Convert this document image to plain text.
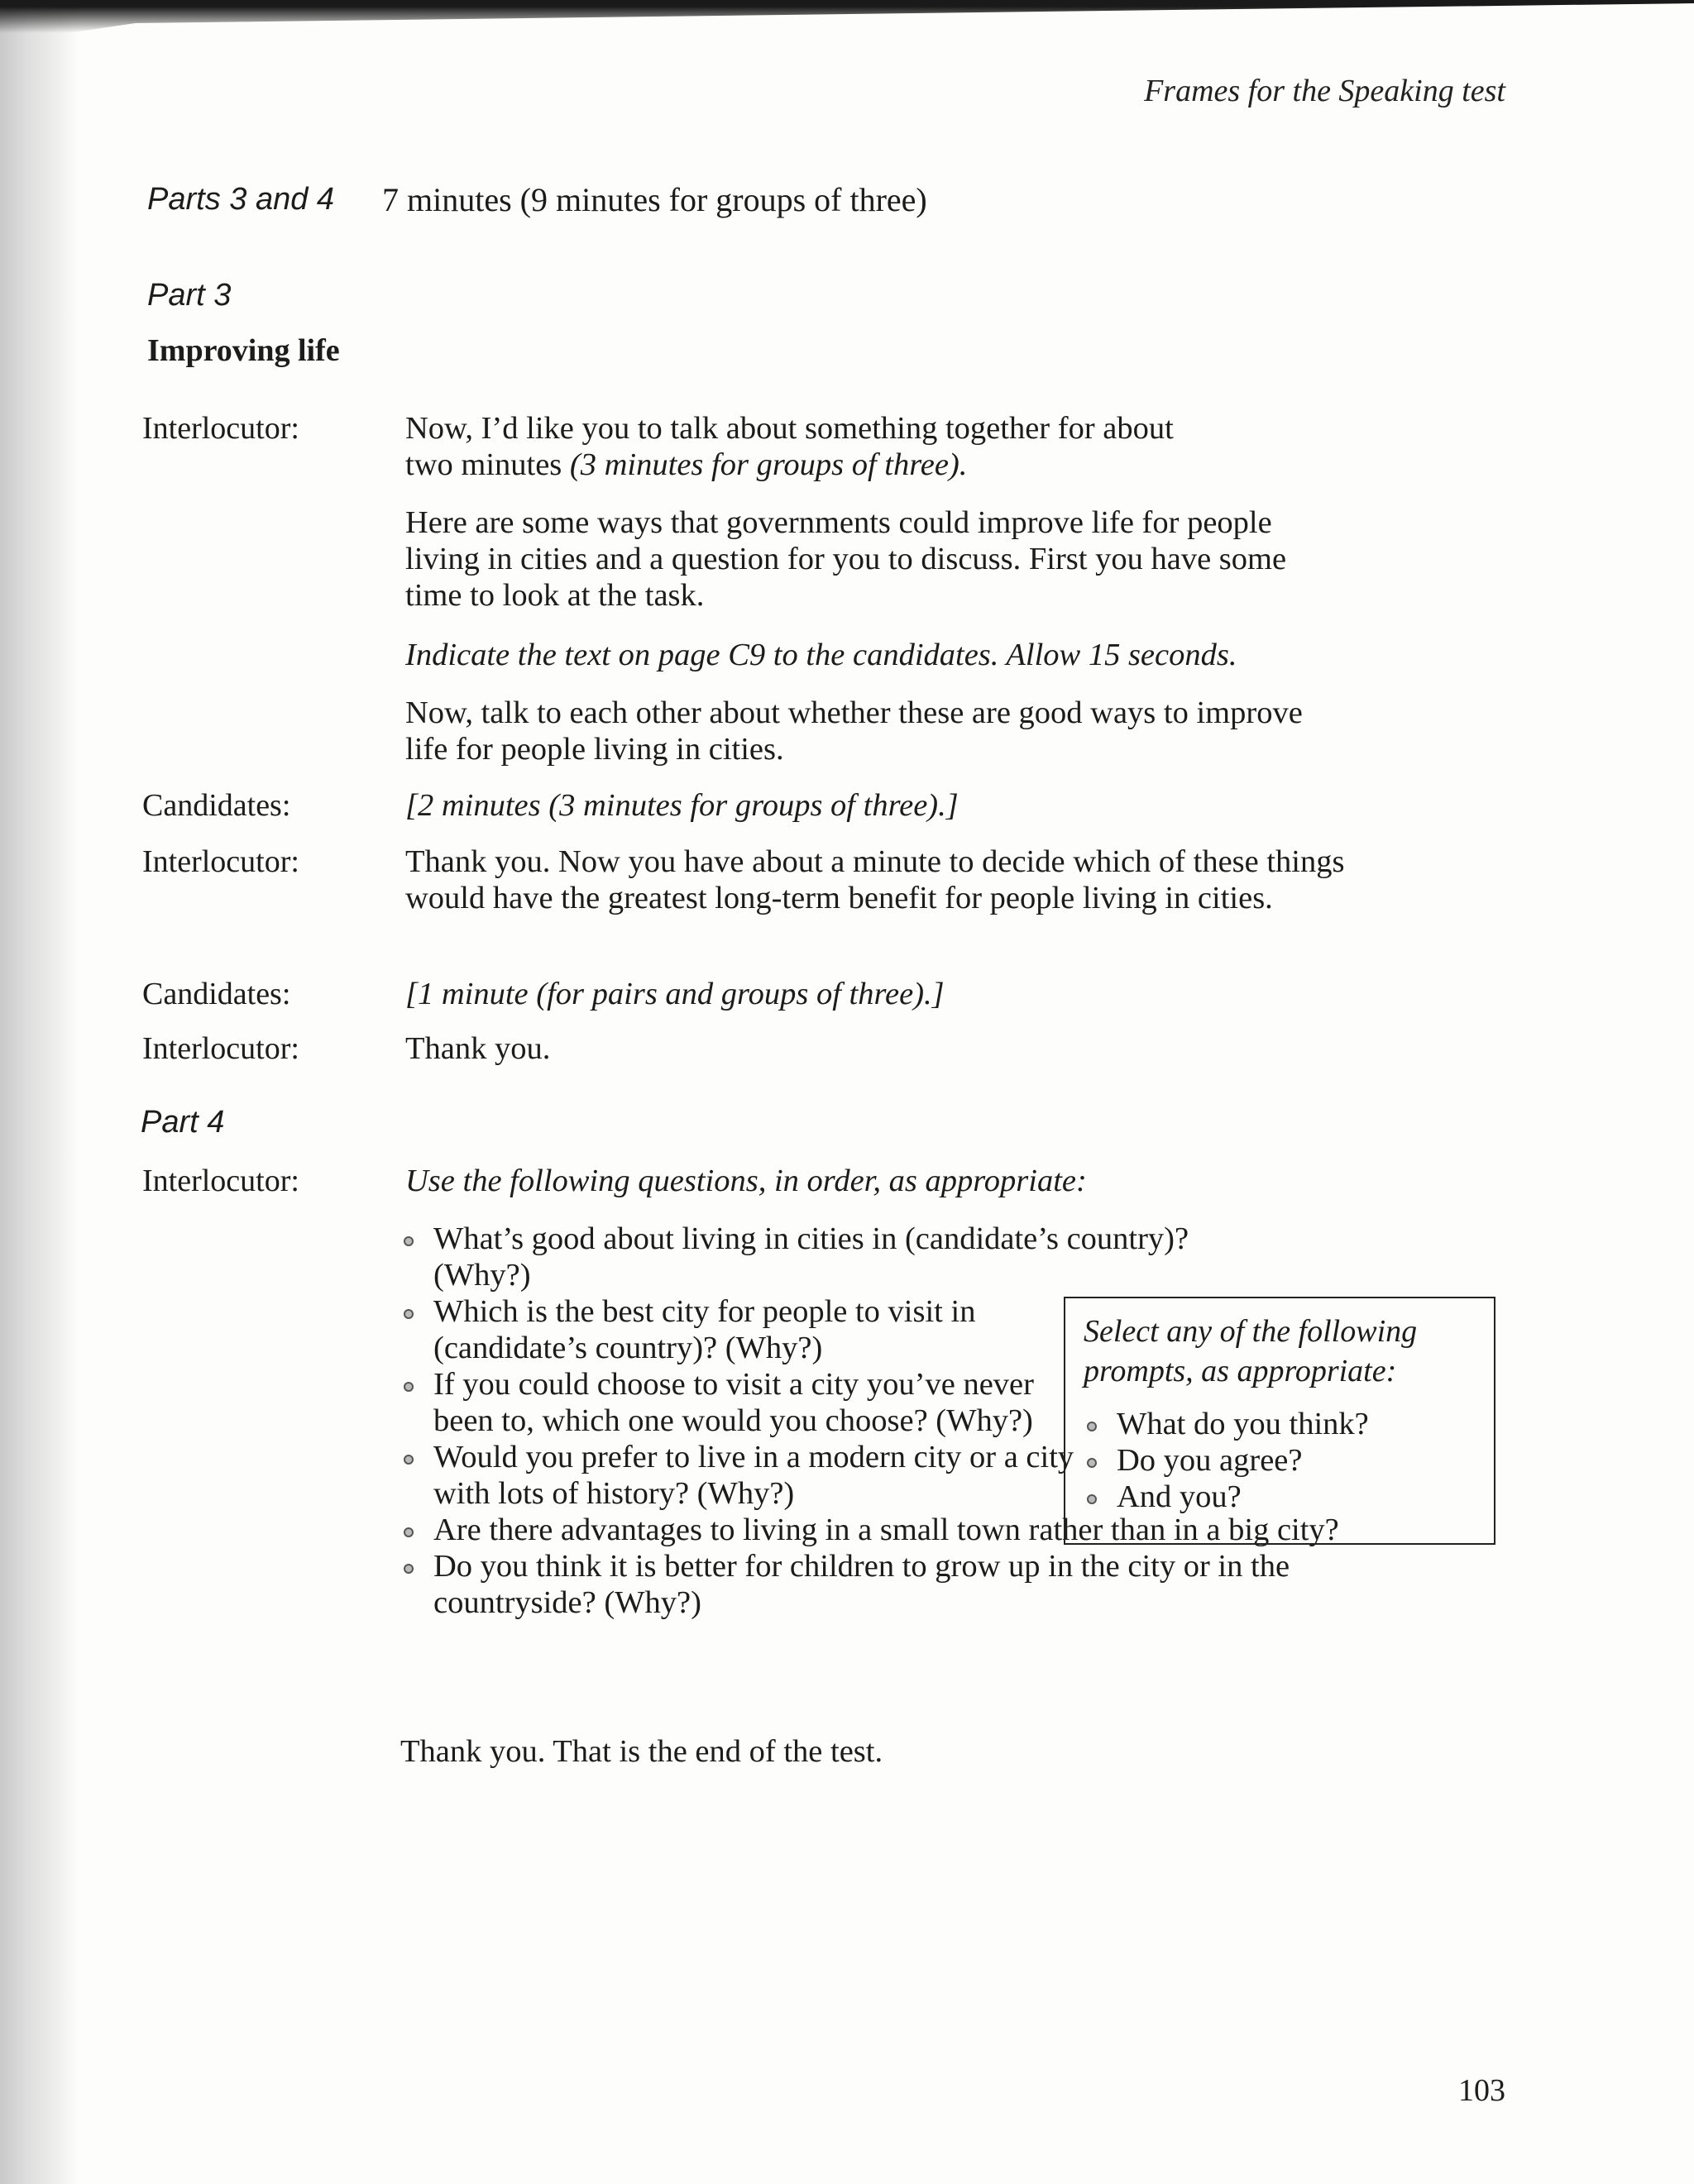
Frames for the Speaking test
Parts 3 and 4 7 minutes (9 minutes for groups of three)
Part 3
Improving life
Interlocutor:	Now, I’d like you to talk about something together for about
two minutes (3 minutes for groups of three).
Here are some ways that governments could improve life for people living in cities and a question for you to discuss. First you have some time to look at the task.
Indicate the text on page C9 to the candidates. Allow 15 seconds.
Now, talk to each other about whether these are good ways to improve life for people living in cities.
Candidates:	[2 minutes (3 minutes for groups of three).]
Interlocutor:	Thank you. Now you have about a minute to decide which of these things would have the greatest long-term benefit for people living in cities.
Candidates:	[1 minute (for pairs and groups of three).]
Interlocutor:	Thank you.
Part 4
Interlocutor:	Use the following questions, in order, as appropriate:
What’s good about living in cities in (candidate’s country)? (Why?)
Which is the best city for people to visit in (candidate’s country)? (Why?)
If you could choose to visit a city you’ve never been to, which one would you choose? (Why?)
Would you prefer to live in a modern city or a city with lots of history? (Why?)
Are there advantages to living in a small town rather than in a big city?
Do you think it is better for children to grow up in the city or in the countryside? (Why?)
Select any of the following prompts, as appropriate:
What do you think?
Do you agree?
And you?
Thank you. That is the end of the test.
103
